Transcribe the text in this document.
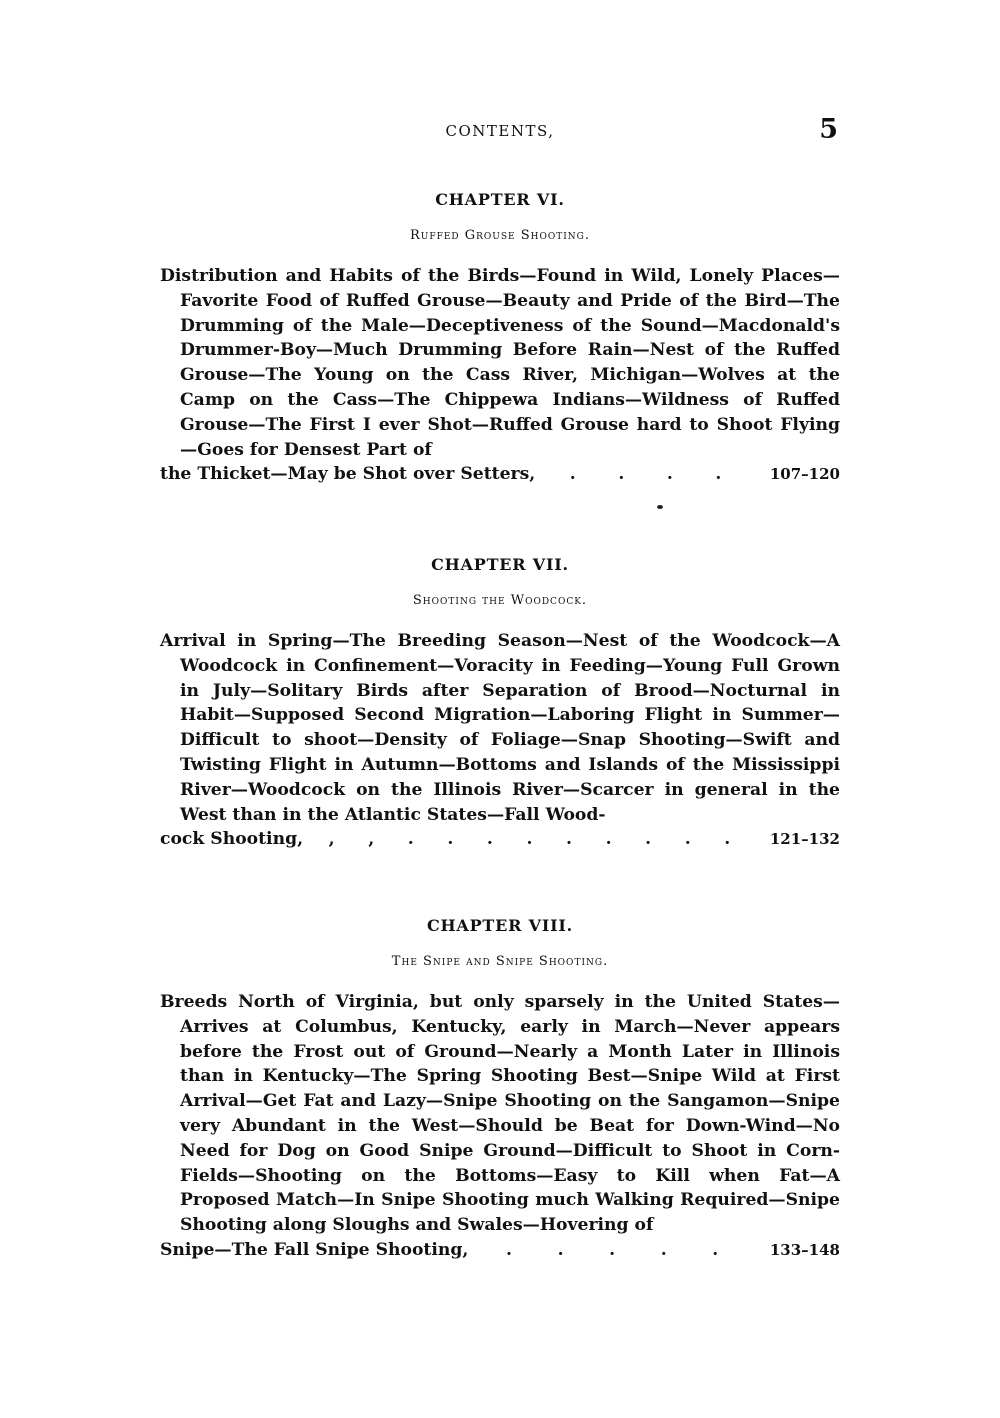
CONTENTS,	5
CHAPTER VI.

Ruffed Grouse Shooting.

Distribution and Habits of the Birds—Found in Wild, Lonely Places—Favorite Food of Ruffed Grouse—Beauty and Pride of the Bird—The Drumming of the Male—Deceptiveness of the Sound—Macdonald's Drummer-Boy—Much Drumming Before Rain—Nest of the Ruffed Grouse—The Young on the Cass River, Michigan—Wolves at the Camp on the Cass—The Chippewa Indians—Wildness of Ruffed Grouse—The First I ever Shot—Ruffed Grouse hard to Shoot Flying—Goes for Densest Part of
the Thicket—May be Shot over Setters, .	.	.	.	107–120
CHAPTER VII.

Shooting the Woodcock.

Arrival in Spring—The Breeding Season—Nest of the Woodcock—A Woodcock in Confinement—Voracity in Feeding—Young Full Grown in July—Solitary Birds after Separation of Brood—Nocturnal in Habit—Supposed Second Migration—Laboring Flight in Summer—Difficult to shoot—Density of Foliage—Snap Shooting—Swift and Twisting Flight in Autumn—Bottoms and Islands of the Mississippi River—Woodcock on the Illinois River—Scarcer in general in the West than in the Atlantic States—Fall Wood-
cock Shooting, ,	,	.	.	.	.	.	.	.	.	.	121–132
CHAPTER VIII.

The Snipe and Snipe Shooting.

Breeds North of Virginia, but only sparsely in the United States—Arrives at Columbus, Kentucky, early in March—Never appears before the Frost out of Ground—Nearly a Month Later in Illinois than in Kentucky—The Spring Shooting Best—Snipe Wild at First Arrival—Get Fat and Lazy—Snipe Shooting on the Sangamon—Snipe very Abundant in the West—Should be Beat for Down-Wind—No Need for Dog on Good Snipe Ground—Difficult to Shoot in Corn-Fields—Shooting on the Bottoms—Easy to Kill when Fat—A Proposed Match—In Snipe Shooting much Walking Required—Snipe Shooting along Sloughs and Swales—Hovering of
Snipe—The Fall Snipe Shooting, .	.	.	.	.	133–148
